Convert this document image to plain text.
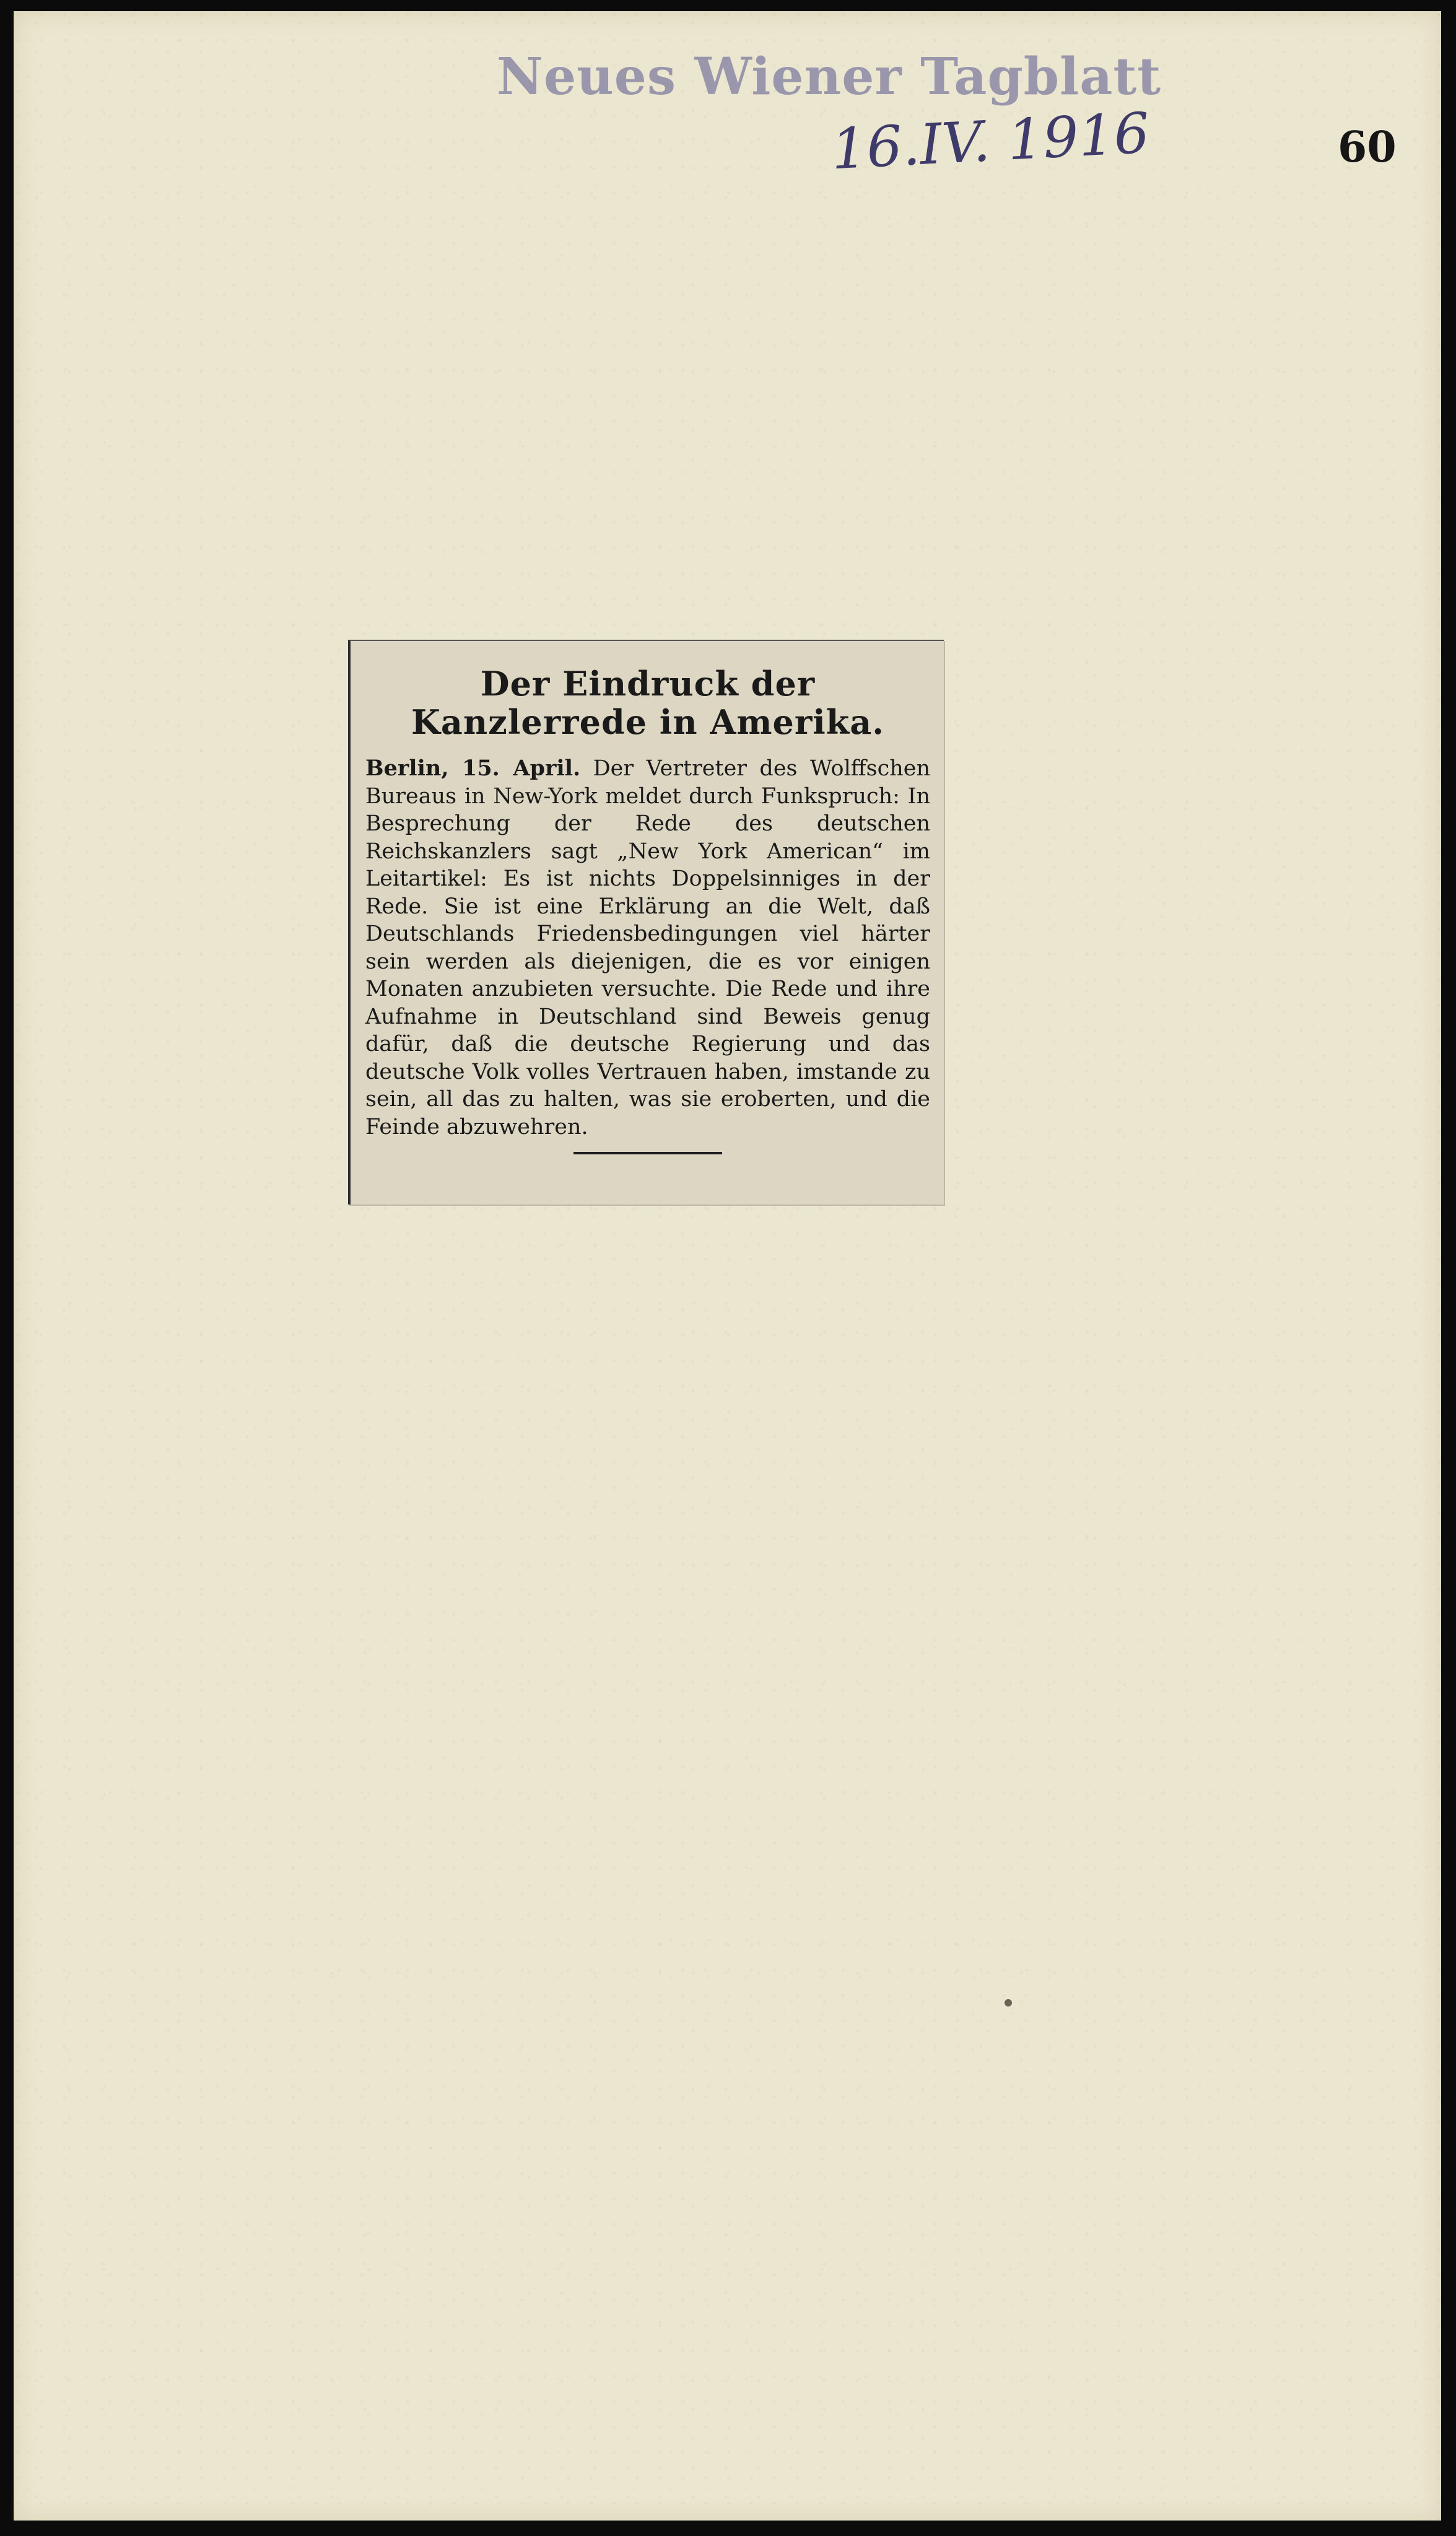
Neues Wiener Tagblatt
16.IV. 1916	60
Der Eindruck der Kanzlerrede in Amerika.

Berlin, 15. April. Der Vertreter des Wolffschen Bureaus in New-York meldet durch Funkspruch: In Besprechung der Rede des deutschen Reichskanzlers sagt „New York American“ im Leitartikel: Es ist nichts Doppelsinniges in der Rede. Sie ist eine Erklärung an die Welt, daß Deutschlands Friedensbedingungen viel härter sein werden als diejenigen, die es vor einigen Monaten anzubieten versuchte. Die Rede und ihre Aufnahme in Deutschland sind Beweis genug dafür, daß die deutsche Regierung und das deutsche Volk volles Vertrauen haben, imstande zu sein, all das zu halten, was sie eroberten, und die Feinde abzuwehren.
